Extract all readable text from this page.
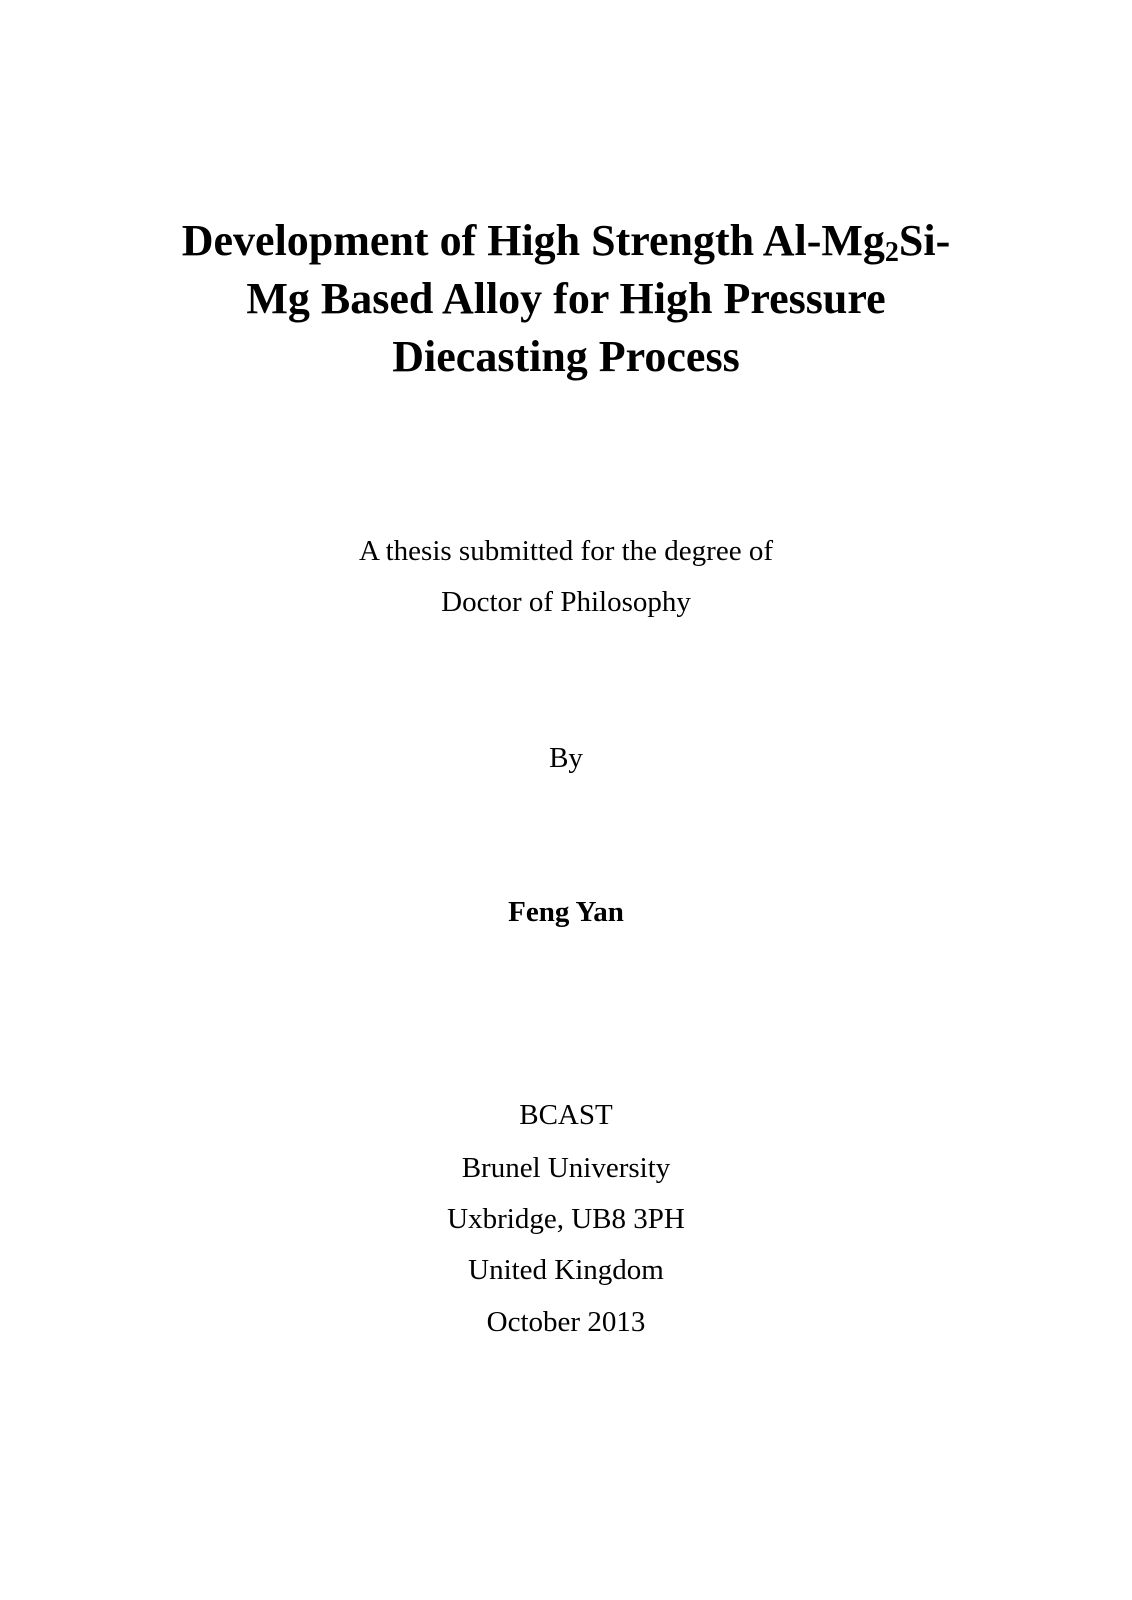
Development of High Strength $Al-Mg_2Si-$
Mg Based Alloy for High Pressure
Diecasting Process
A thesis submitted for the degree of
Doctor of Philosophy
By
Feng Yan
BCAST
Brunel University
Uxbridge, UB8 3PH
United Kingdom
October 2013
